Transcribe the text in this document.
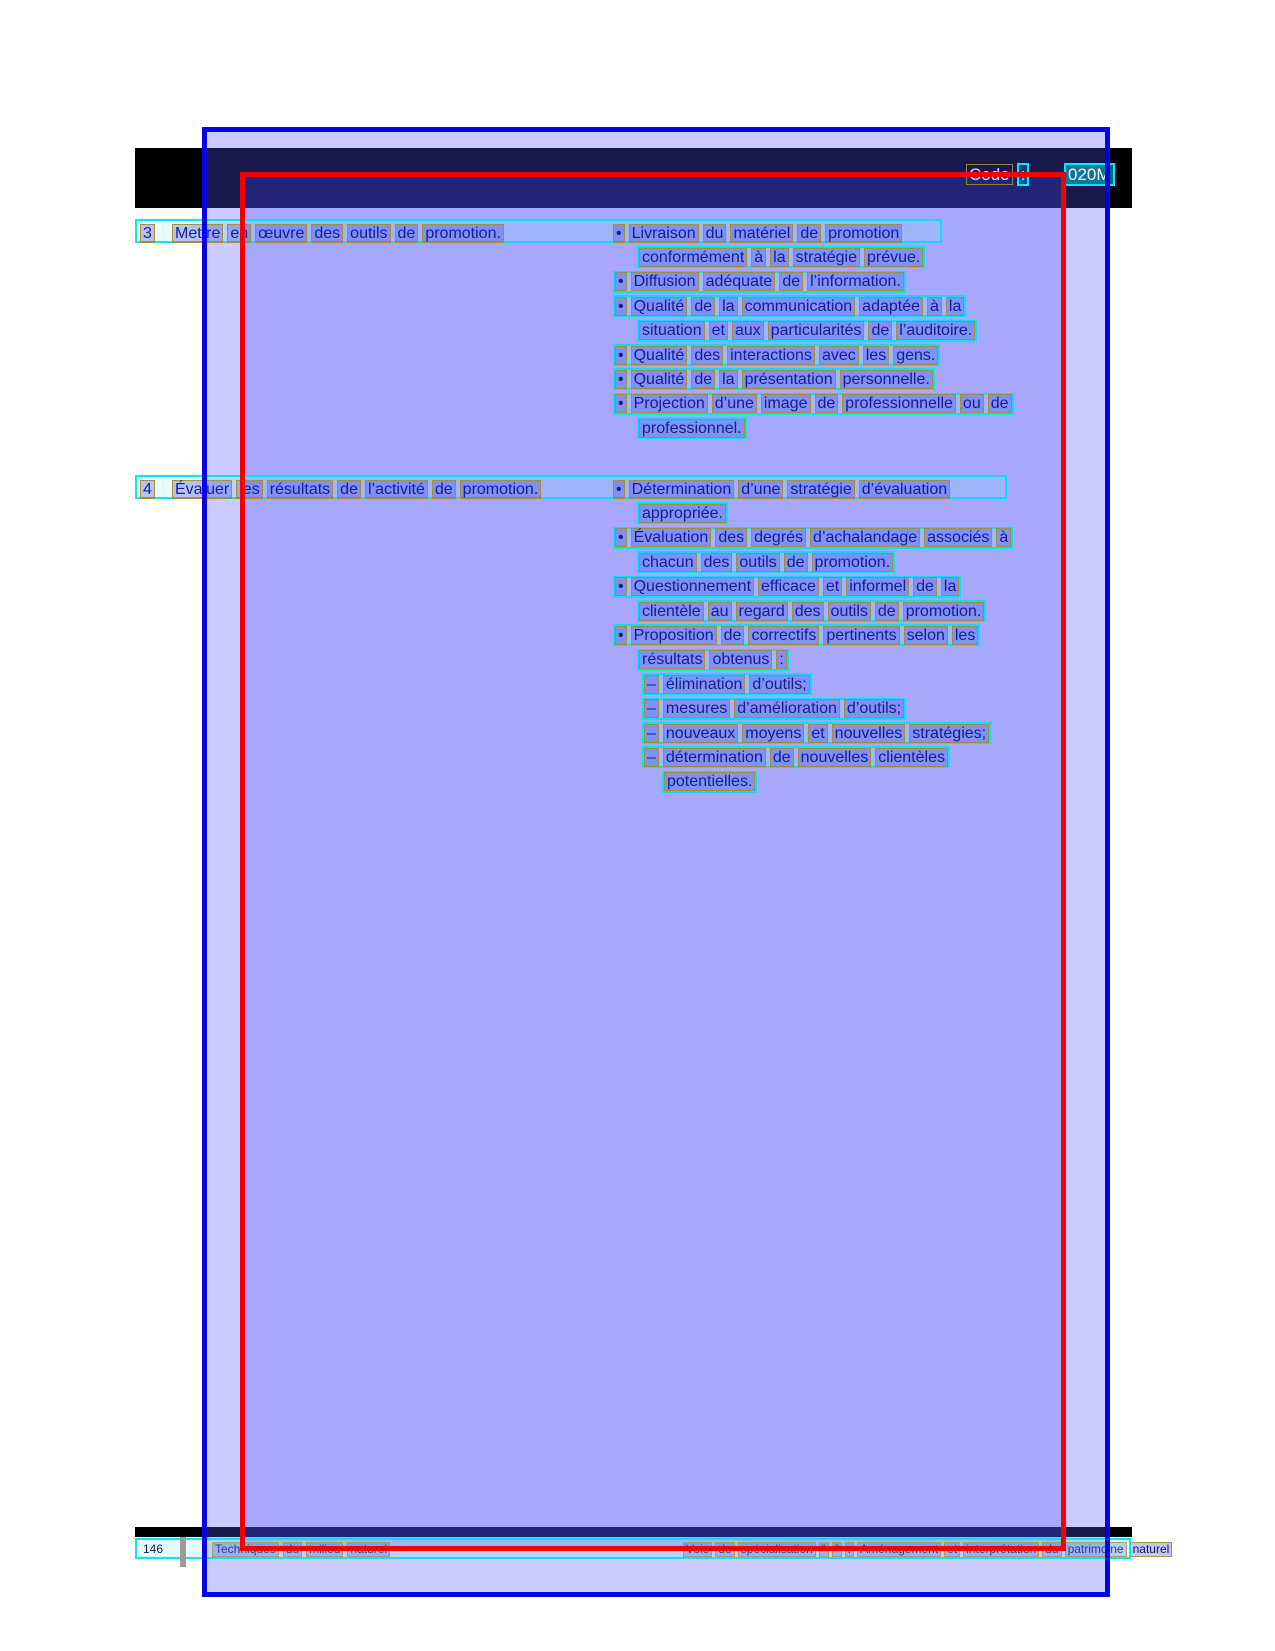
Code :	020M
3 Mettre en œuvre des outils de promotion.	• Livraison du matériel de promotion
conformément à la stratégie prévue.
• Diffusion adéquate de l’information.
• Qualité de la communication adaptée à la
situation et aux particularités de l’auditoire.
• Qualité des interactions avec les gens.
• Qualité de la présentation personnelle.
• Projection d’une image de professionnelle ou de
professionnel.
4 Évaluer les résultats de l’activité de promotion.	• Détermination d’une stratégie d’évaluation
appropriée.
• Évaluation des degrés d’achalandage associés à
chacun des outils de promotion.
• Questionnement efficace et informel de la
clientèle au regard des outils de promotion.
• Proposition de correctifs pertinents selon les
résultats obtenus :
– élimination d’outils;
– mesures d’amélioration d’outils;
– nouveaux moyens et nouvelles stratégies;
– détermination de nouvelles clientèles
potentielles.
Techniques du milieu naturel	Voie de spécialisation “ ” : Aménagement et interprétation du patrimoine naturel
146
